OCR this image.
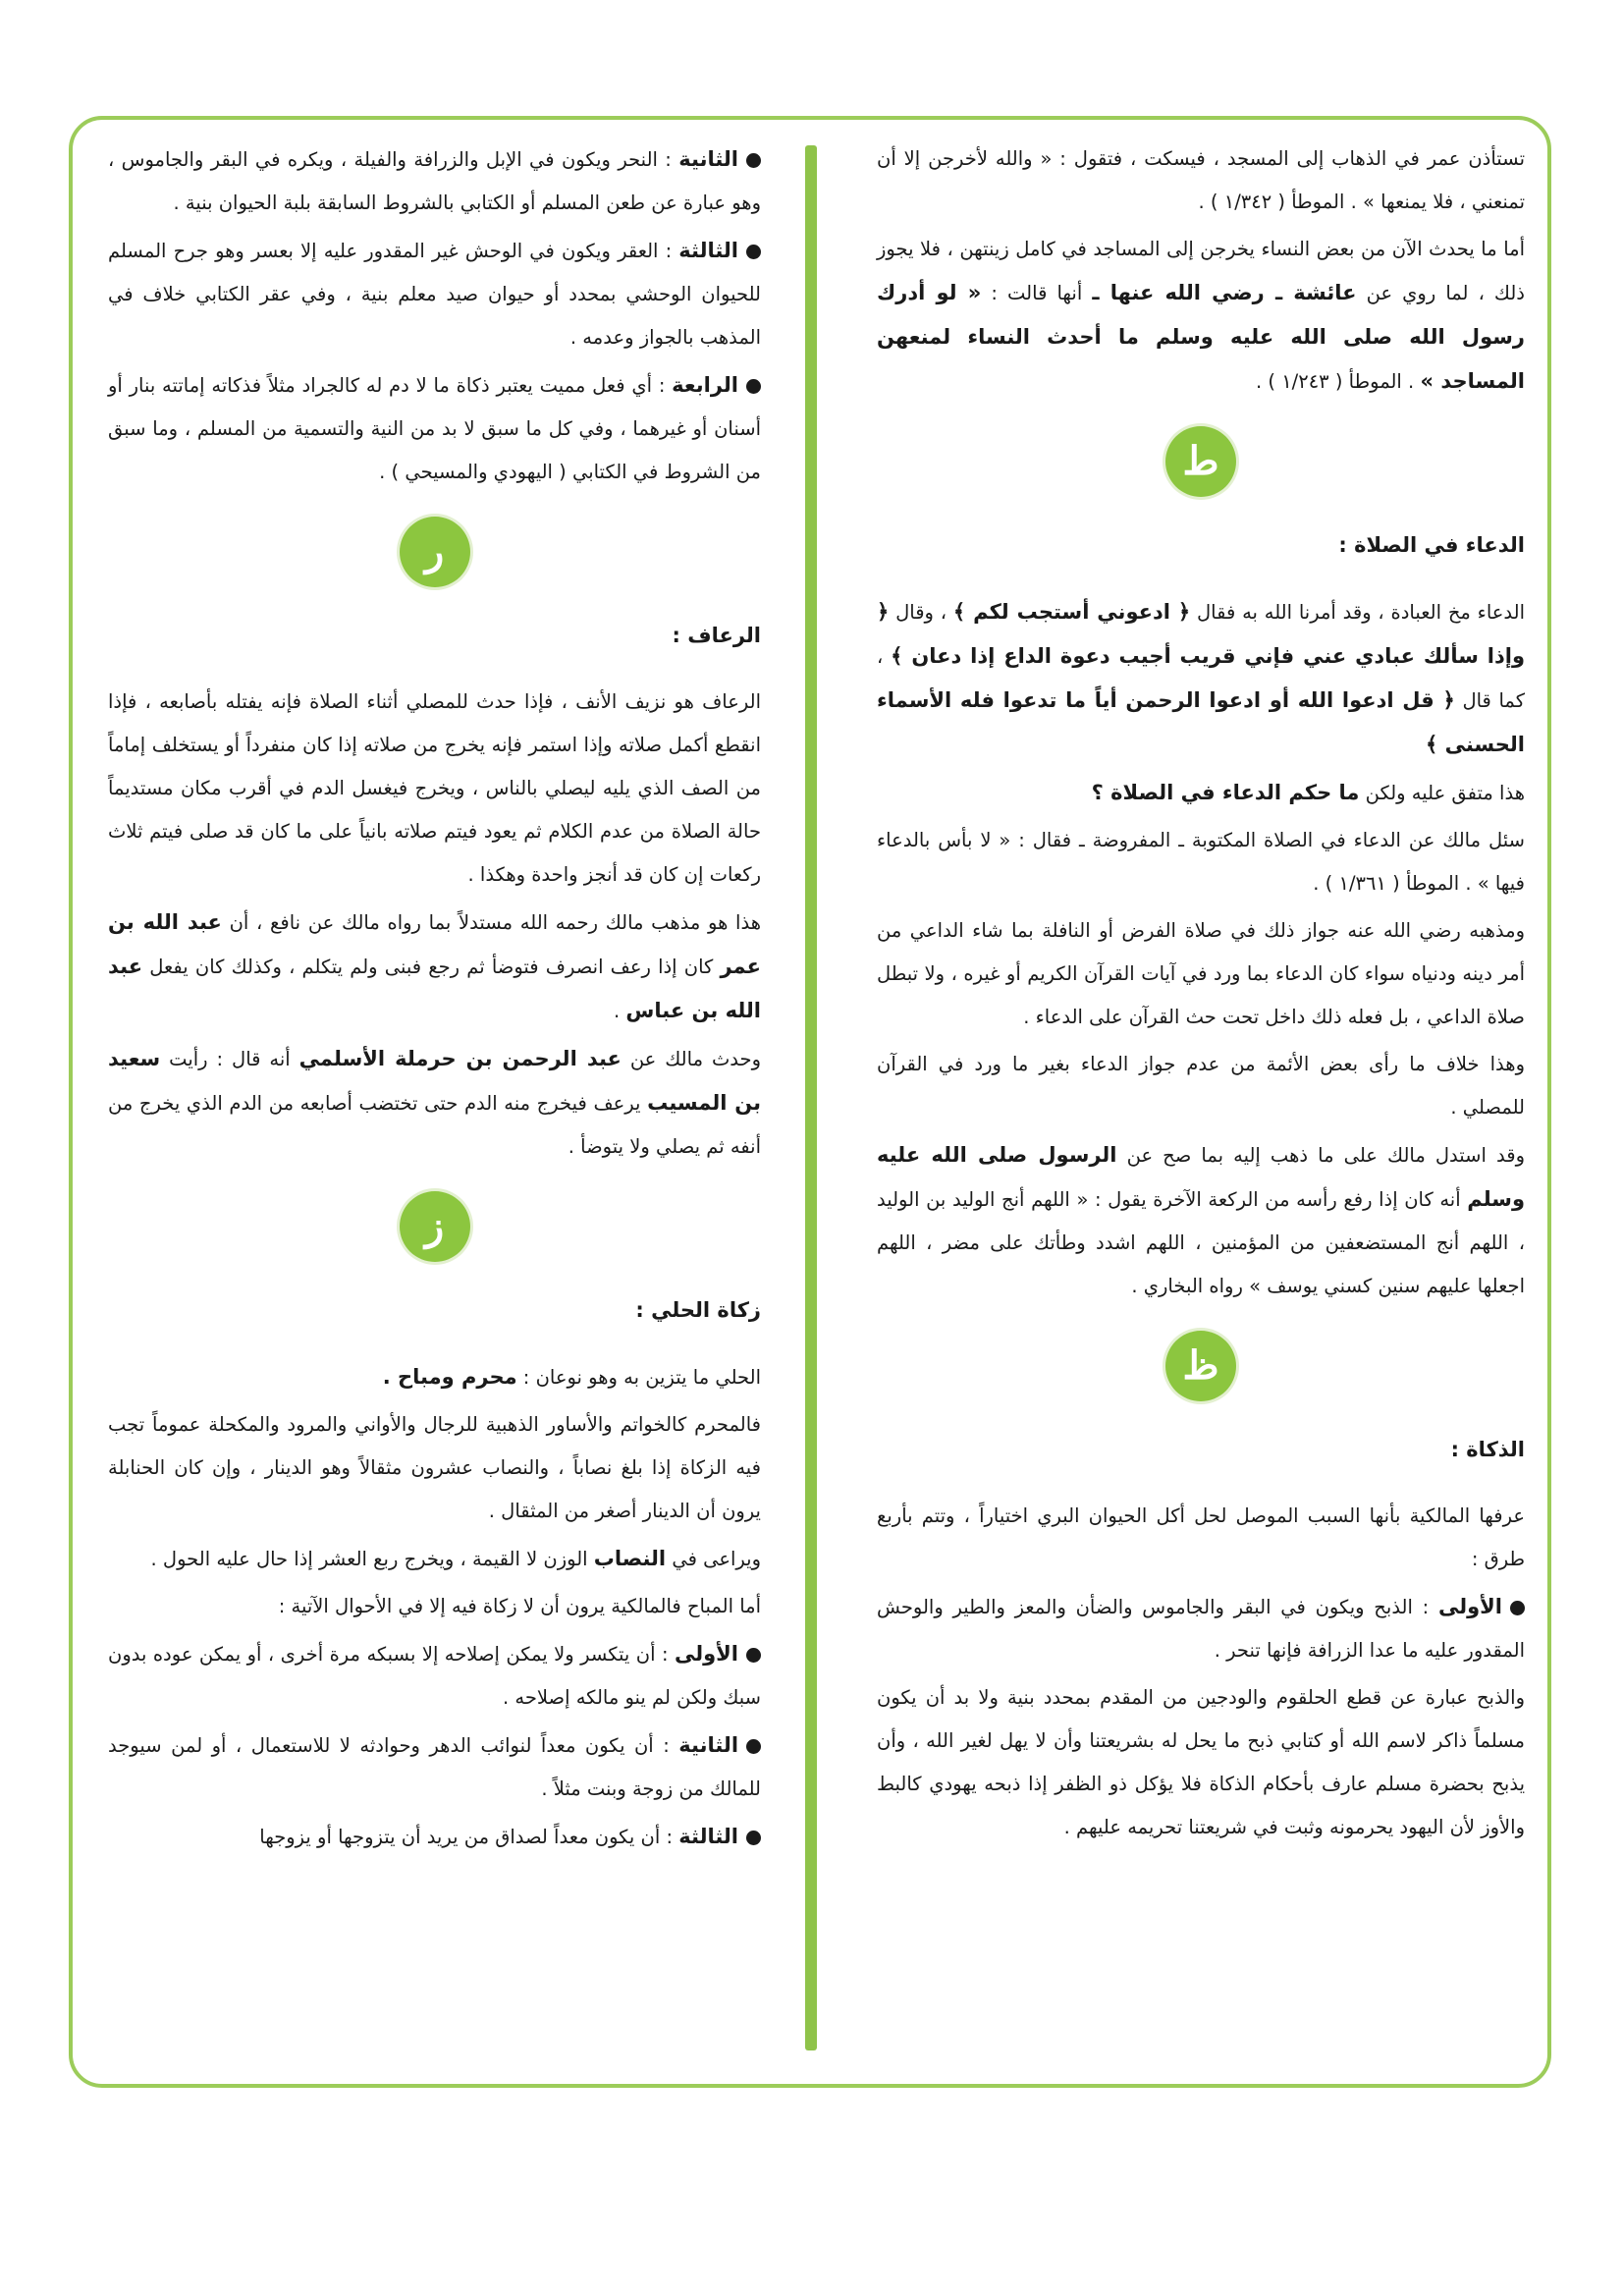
تستأذن عمر في الذهاب إلى المسجد ، فيسكت ، فتقول : « والله لأخرجن إلا أن تمنعني ، فلا يمنعها » . الموطأ ( ١/٣٤٢ ) .

أما ما يحدث الآن من بعض النساء يخرجن إلى المساجد في كامل زينتهن ، فلا يجوز ذلك ، لما روي عن عائشة ـ رضي الله عنها ـ أنها قالت : « لو أدرك رسول الله صلى الله عليه وسلم ما أحدث النساء لمنعهن المساجد » . الموطأ ( ١/٢٤٣ ) .

ط
الدعاء في الصلاة :

الدعاء مخ العبادة ، وقد أمرنا الله به فقال ﴿ ادعوني أستجب لكم ﴾ ، وقال ﴿ وإذا سألك عبادي عني فإني قريب أجيب دعوة الداع إذا دعان ﴾ ، كما قال ﴿ قل ادعوا الله أو ادعوا الرحمن أياً ما تدعوا فله الأسماء الحسنى ﴾

هذا متفق عليه ولكن ما حكم الدعاء في الصلاة ؟

سئل مالك عن الدعاء في الصلاة المكتوبة ـ المفروضة ـ فقال : « لا بأس بالدعاء فيها » . الموطأ ( ١/٣٦١ ) .

ومذهبه رضي الله عنه جواز ذلك في صلاة الفرض أو النافلة بما شاء الداعي من أمر دينه ودنياه سواء كان الدعاء بما ورد في آيات القرآن الكريم أو غيره ، ولا تبطل صلاة الداعي ، بل فعله ذلك داخل تحت حث القرآن على الدعاء .

وهذا خلاف ما رأى بعض الأئمة من عدم جواز الدعاء بغير ما ورد في القرآن للمصلي .

وقد استدل مالك على ما ذهب إليه بما صح عن الرسول صلى الله عليه وسلم أنه كان إذا رفع رأسه من الركعة الآخرة يقول : « اللهم أنج الوليد بن الوليد ، اللهم أنج المستضعفين من المؤمنين ، اللهم اشدد وطأتك على مضر ، اللهم اجعلها عليهم سنين كسني يوسف » رواه البخاري .

ظ
الذكاة :

عرفها المالكية بأنها السبب الموصل لحل أكل الحيوان البري اختياراً ، وتتم بأربع طرق :

الأولى : الذبح ويكون في البقر والجاموس والضأن والمعز والطير والوحش المقدور عليه ما عدا الزرافة فإنها تنحر .

والذبح عبارة عن قطع الحلقوم والودجين من المقدم بمحدد بنية ولا بد أن يكون مسلماً ذاكر لاسم الله أو كتابي ذبح ما يحل له بشريعتنا وأن لا يهل لغير الله ، وأن يذبح بحضرة مسلم عارف بأحكام الذكاة فلا يؤكل ذو الظفر إذا ذبحه يهودي كالبط والأوز لأن اليهود يحرمونه وثبت في شريعتنا تحريمه عليهم .

الثانية : النحر ويكون في الإبل والزرافة والفيلة ، ويكره في البقر والجاموس ، وهو عبارة عن طعن المسلم أو الكتابي بالشروط السابقة بلبة الحيوان بنية .

الثالثة : العقر ويكون في الوحش غير المقدور عليه إلا بعسر وهو جرح المسلم للحيوان الوحشي بمحدد أو حيوان صيد معلم بنية ، وفي عقر الكتابي خلاف في المذهب بالجواز وعدمه .

الرابعة : أي فعل مميت يعتبر ذكاة ما لا دم له كالجراد مثلاً فذكاته إماتته بنار أو أسنان أو غيرهما ، وفي كل ما سبق لا بد من النية والتسمية من المسلم ، وما سبق من الشروط في الكتابي ( اليهودي والمسيحي ) .

ر
الرعاف :

الرعاف هو نزيف الأنف ، فإذا حدث للمصلي أثناء الصلاة فإنه يفتله بأصابعه ، فإذا انقطع أكمل صلاته وإذا استمر فإنه يخرج من صلاته إذا كان منفرداً أو يستخلف إماماً من الصف الذي يليه ليصلي بالناس ، ويخرج فيغسل الدم في أقرب مكان مستديماً حالة الصلاة من عدم الكلام ثم يعود فيتم صلاته بانياً على ما كان قد صلى فيتم ثلاث ركعات إن كان قد أنجز واحدة وهكذا .

هذا هو مذهب مالك رحمه الله مستدلاً بما رواه مالك عن نافع ، أن عبد الله بن عمر كان إذا رعف انصرف فتوضأ ثم رجع فبنى ولم يتكلم ، وكذلك كان يفعل عبد الله بن عباس .

وحدث مالك عن عبد الرحمن بن حرملة الأسلمي أنه قال : رأيت سعيد بن المسيب يرعف فيخرج منه الدم حتى تختضب أصابعه من الدم الذي يخرج من أنفه ثم يصلي ولا يتوضأ .

ز
زكاة الحلي :

الحلي ما يتزين به وهو نوعان : محرم ومباح .

فالمحرم كالخواتم والأساور الذهبية للرجال والأواني والمرود والمكحلة عموماً تجب فيه الزكاة إذا بلغ نصاباً ، والنصاب عشرون مثقالاً وهو الدينار ، وإن كان الحنابلة يرون أن الدينار أصغر من المثقال .

ويراعى في النصاب الوزن لا القيمة ، ويخرج ربع العشر إذا حال عليه الحول .

أما المباح فالمالكية يرون أن لا زكاة فيه إلا في الأحوال الآتية :

الأولى : أن يتكسر ولا يمكن إصلاحه إلا بسبكه مرة أخرى ، أو يمكن عوده بدون سبك ولكن لم ينو مالكه إصلاحه .

الثانية : أن يكون معداً لنوائب الدهر وحوادثه لا للاستعمال ، أو لمن سيوجد للمالك من زوجة وبنت مثلاً .

الثالثة : أن يكون معداً لصداق من يريد أن يتزوجها أو يزوجها
